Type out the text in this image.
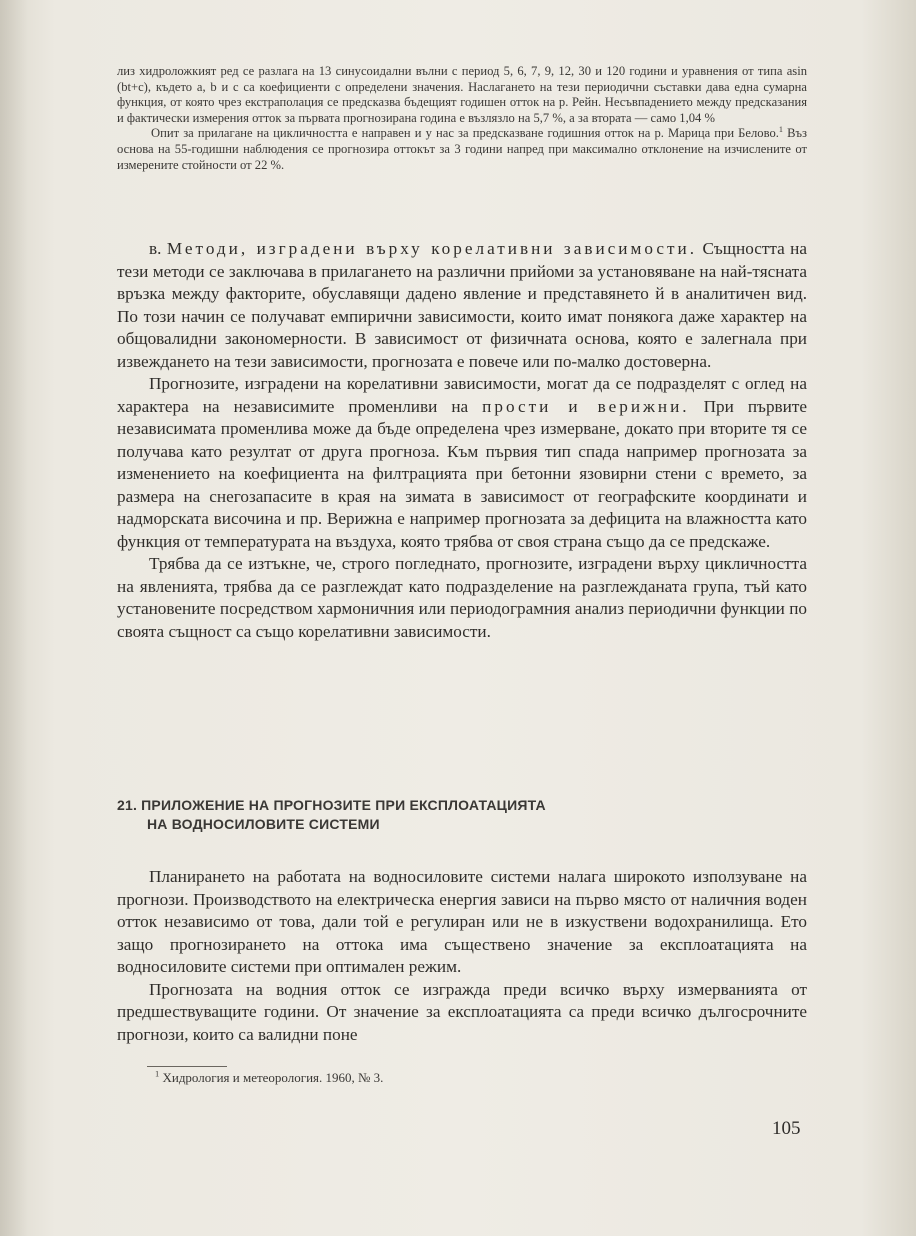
лиз хидроложкият ред се разлага на 13 синусоидални вълни с период 5, 6, 7, 9, 12, 30 и 120 години и уравнения от типа asin (bt+c), където a, b и c са коефициенти с определени значения. Наслагането на тези периодични съставки дава една сумарна функция, от която чрез екстраполация се предсказва бъдещият годишен отток на р. Рейн. Несъвпадението между предсказания и фактически измерения отток за първата прогнозирана година е възлязло на 5,7 %, а за втората — само 1,04 %

Опит за прилагане на цикличността е направен и у нас за предсказване годишния отток на р. Марица при Белово.$^1$ Въз основа на 55-годишни наблюдения се прогнозира оттокът за 3 години напред при максимално отклонение на изчислените от измерените стойности от 22 %.

в. Методи, изградени върху корелативни зависимости. Същността на тези методи се заключава в прилагането на различни прийоми за установяване на най-тясната връзка между факторите, обуславящи дадено явление и представянето й в аналитичен вид. По този начин се получават емпирични зависимости, които имат понякога даже характер на общовалидни закономерности. В зависимост от физичната основа, която е залегнала при извеждането на тези зависимости, прогнозата е повече или по-малко достоверна.

Прогнозите, изградени на корелативни зависимости, могат да се подразделят с оглед на характера на независимите променливи на прости и верижни. При първите независимата променлива може да бъде определена чрез измерване, докато при вторите тя се получава като резултат от друга прогноза. Към първия тип спада например прогнозата за изменението на коефициента на филтрацията при бетонни язовирни стени с времето, за размера на снегозапасите в края на зимата в зависимост от географските координати и надморската височина и пр. Верижна е например прогнозата за дефицита на влажността като функция от температурата на въздуха, която трябва от своя страна също да се предскаже.

Трябва да се изтъкне, че, строго погледнато, прогнозите, изградени върху цикличността на явленията, трябва да се разглеждат като подразделение на разглежданата група, тъй като установените посредством хармоничния или периодограмния анализ периодични функции по своята същност са също корелативни зависимости.

21. ПРИЛОЖЕНИЕ НА ПРОГНОЗИТЕ ПРИ ЕКСПЛОАТАЦИЯТА
НА ВОДНОСИЛОВИТЕ СИСТЕМИ

Планирането на работата на водносиловите системи налага широкото използуване на прогнози. Производството на електрическа енергия зависи на първо място от наличния воден отток независимо от това, дали той е регулиран или не в изкуствени водохранилища. Ето защо прогнозирането на оттока има съществено значение за експлоатацията на водносиловите системи при оптимален режим.

Прогнозата на водния отток се изгражда преди всичко върху измерванията от предшествуващите години. От значение за експлоатацията са преди всичко дългосрочните прогнози, които са валидни поне

$^1$ Хидрология и метеорология. 1960, № 3.
105
